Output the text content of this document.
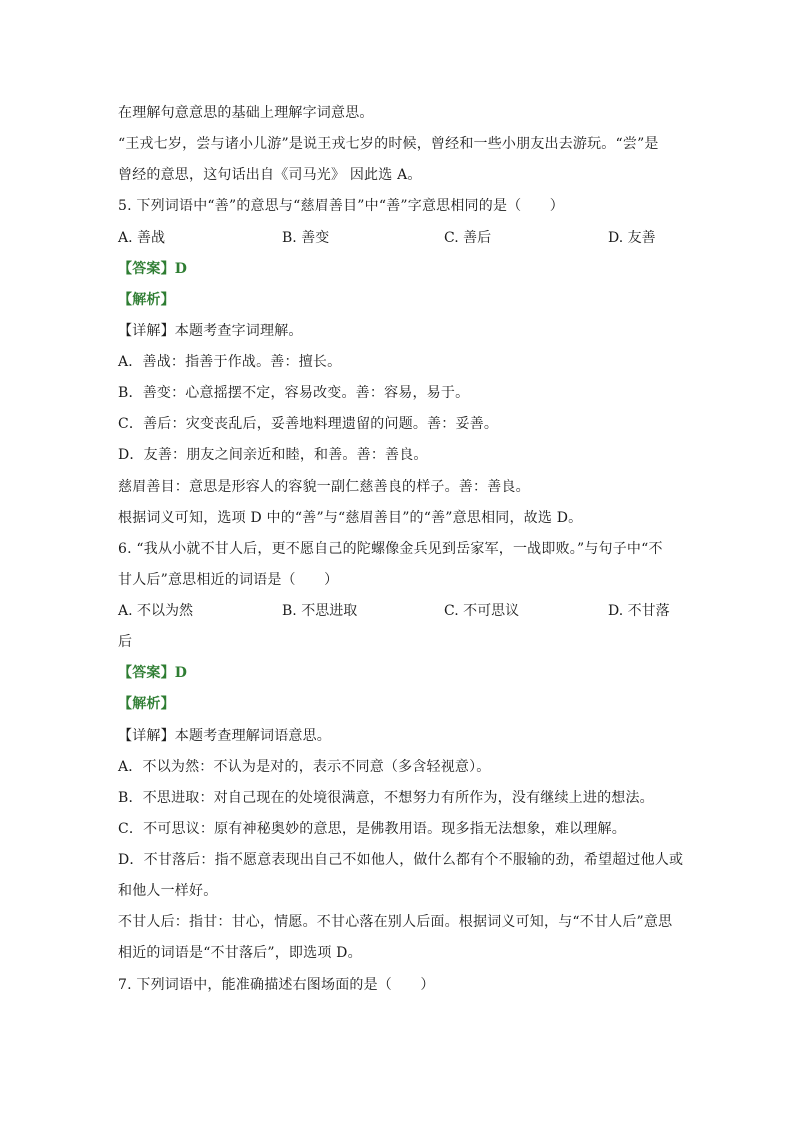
在理解句意意思的基础上理解字词意思。
“王戎七岁，尝与诸小儿游”是说王戎七岁的时候，曾经和一些小朋友出去游玩。“尝”是
曾经的意思，这句话出自《司马光》 因此选 A。
5. 下列词语中“善”的意思与“慈眉善目”中“善”字意思相同的是（　　）
A. 善战	B. 善变	C. 善后	D. 友善
【答案】D
【解析】
【详解】本题考查字词理解。
A．善战：指善于作战。善：擅长。
B．善变：心意摇摆不定，容易改变。善：容易，易于。
C．善后：灾变丧乱后，妥善地料理遗留的问题。善：妥善。
D．友善：朋友之间亲近和睦，和善。善：善良。
慈眉善目：意思是形容人的容貌一副仁慈善良的样子。善：善良。
根据词义可知，选项 D 中的“善”与“慈眉善目”的“善”意思相同，故选 D。
6. “我从小就不甘人后，更不愿自己的陀螺像金兵见到岳家军，一战即败。”与句子中“不
甘人后”意思相近的词语是（　　）
A. 不以为然	B. 不思进取	C. 不可思议	D. 不甘落
后
【答案】D
【解析】
【详解】本题考查理解词语意思。
A．不以为然：不认为是对的，表示不同意（多含轻视意）。
B．不思进取：对自己现在的处境很满意，不想努力有所作为，没有继续上进的想法。
C．不可思议：原有神秘奥妙的意思，是佛教用语。现多指无法想象，难以理解。
D．不甘落后：指不愿意表现出自己不如他人，做什么都有个不服输的劲，希望超过他人或
和他人一样好。
不甘人后：指甘：甘心，情愿。不甘心落在别人后面。根据词义可知，与“不甘人后”意思
相近的词语是“不甘落后”，即选项 D。
7. 下列词语中，能准确描述右图场面的是（　　）
